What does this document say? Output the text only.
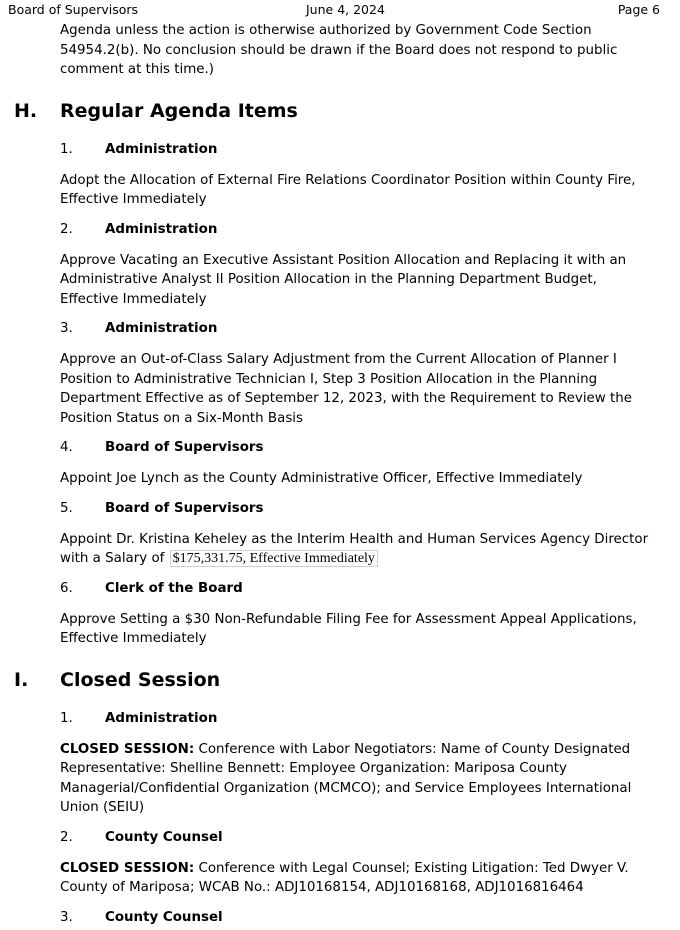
Board of Supervisors	June 4, 2024	Page 6

Agenda unless the action is otherwise authorized by Government Code Section 54954.2(b). No conclusion should be drawn if the Board does not respond to public comment at this time.)

H. Regular Agenda Items
1. Administration

Adopt the Allocation of External Fire Relations Coordinator Position within County Fire, Effective Immediately

2. Administration

Approve Vacating an Executive Assistant Position Allocation and Replacing it with an Administrative Analyst II Position Allocation in the Planning Department Budget, Effective Immediately

3. Administration

Approve an Out-of-Class Salary Adjustment from the Current Allocation of Planner I Position to Administrative Technician I, Step 3 Position Allocation in the Planning Department Effective as of September 12, 2023, with the Requirement to Review the Position Status on a Six-Month Basis

4. Board of Supervisors

Appoint Joe Lynch as the County Administrative Officer, Effective Immediately

5. Board of Supervisors

Appoint Dr. Kristina Keheley as the Interim Health and Human Services Agency Director with a Salary of $175,331.75, Effective Immediately

6. Clerk of the Board

Approve Setting a $30 Non-Refundable Filing Fee for Assessment Appeal Applications, Effective Immediately

I. Closed Session
1. Administration

CLOSED SESSION: Conference with Labor Negotiators: Name of County Designated Representative: Shelline Bennett: Employee Organization: Mariposa County Managerial/Confidential Organization (MCMCO); and Service Employees International Union (SEIU)

2. County Counsel

CLOSED SESSION: Conference with Legal Counsel; Existing Litigation: Ted Dwyer V. County of Mariposa; WCAB No.: ADJ10168154, ADJ10168168, ADJ1016816464

3. County Counsel
